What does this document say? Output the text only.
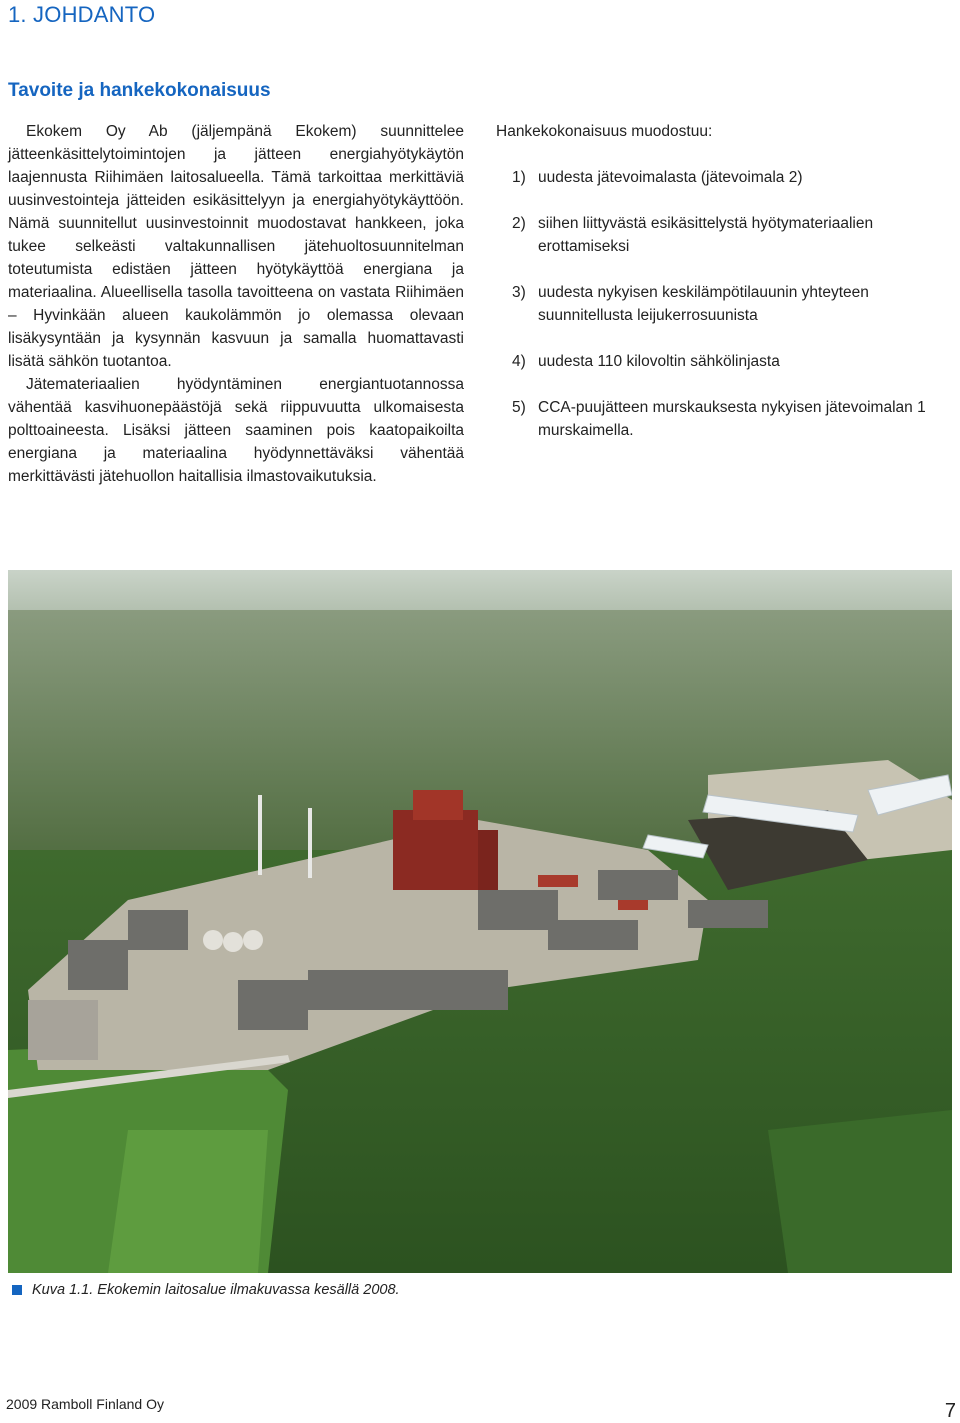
1. JOHDANTO
Tavoite ja hankekokonaisuus

Ekokem Oy Ab (jäljempänä Ekokem) suunnittelee jätteenkäsittelytoimintojen ja jätteen energiahyötykäytön laajennusta Riihimäen laitosalueella. Tämä tarkoittaa merkittäviä uusinvestointeja jätteiden esikäsittelyyn ja energiahyötykäyttöön. Nämä suunnitellut uusinvestoinnit muodostavat hankkeen, joka tukee selkeästi valtakunnallisen jätehuoltosuunnitelman toteutumista edistäen jätteen hyötykäyttöä energiana ja materiaalina. Alueellisella tasolla tavoitteena on vastata Riihimäen – Hyvinkään alueen kaukolämmön jo olemassa olevaan lisäkysyntään ja kysynnän kasvuun ja samalla huomattavasti lisätä sähkön tuotantoa.

Jätemateriaalien hyödyntäminen energiantuotannossa vähentää kasvihuonepäästöjä sekä riippuvuutta ulkomaisesta polttoaineesta. Lisäksi jätteen saaminen pois kaatopaikoilta energiana ja materiaalina hyödynnettäväksi vähentää merkittävästi jätehuollon haitallisia ilmastovaikutuksia.

Hankekokonaisuus muodostuu:

1) uudesta jätevoimalasta (jätevoimala 2)
2) siihen liittyvästä esikäsittelystä hyötymateriaalien erottamiseksi
3) uudesta nykyisen keskilämpötilauunin yhteyteen suunnitellusta leijukerrosuunista
4) uudesta 110 kilovoltin sähkölinjasta
5) CCA-puujätteen murskauksesta nykyisen jätevoimalan 1 murskaimella.
Kuva 1.1. Ekokemin laitosalue ilmakuvassa kesällä 2008.
2009 Ramboll Finland Oy	7
